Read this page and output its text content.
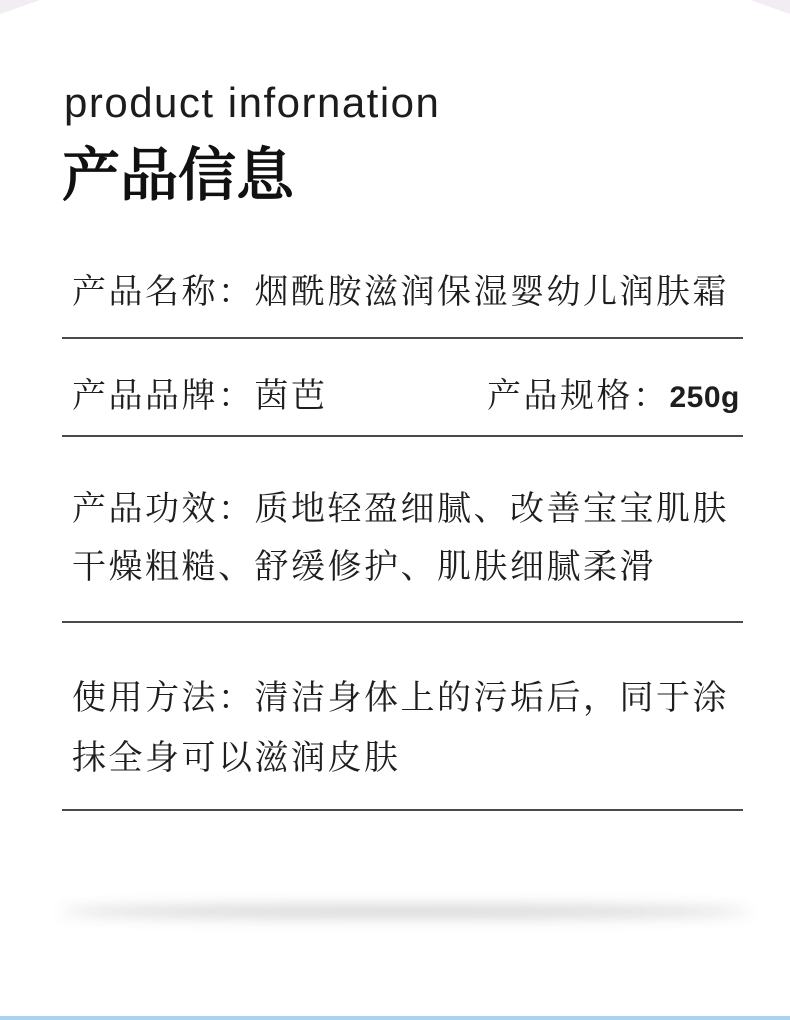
product infornation
产品信息
产品名称：烟酰胺滋润保湿婴幼儿润肤霜
产品品牌：茵芭	产品规格：250g
产品功效：质地轻盈细腻、改善宝宝肌肤
干燥粗糙、舒缓修护、肌肤细腻柔滑
使用方法：清洁身体上的污垢后，同于涂
抹全身可以滋润皮肤
